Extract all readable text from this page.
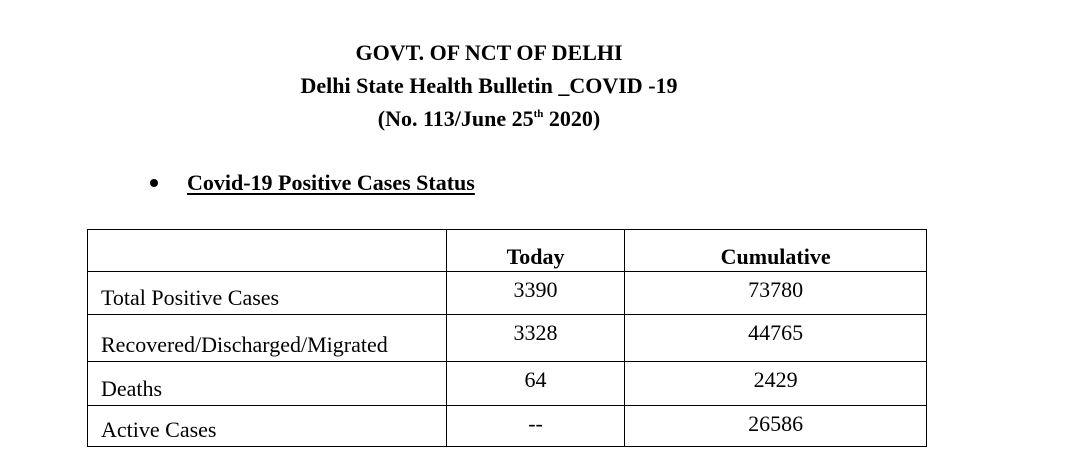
GOVT. OF NCT OF DELHI
Delhi State Health Bulletin _COVID -19
(No. 113/June 25th 2020)
Covid-19 Positive Cases Status
	Today	Cumulative
Total Positive Cases	3390	73780
Recovered/Discharged/Migrated	3328	44765
Deaths	64	2429
Active Cases	--	26586
